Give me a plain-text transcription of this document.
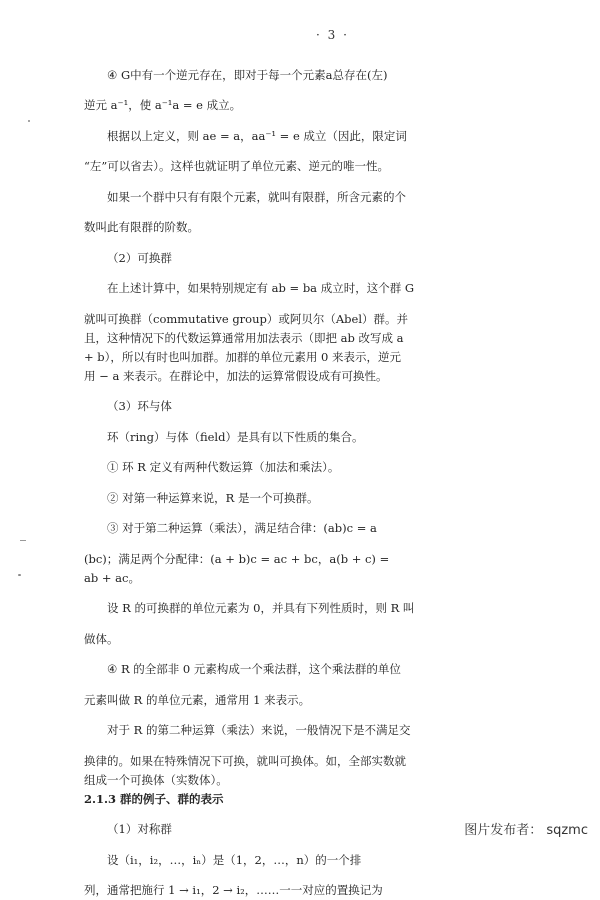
· 3 ·

④ G中有一个逆元存在，即对于每一个元素a总存在(左)

逆元 a⁻¹，使 a⁻¹a = e 成立。

根据以上定义，则 ae = a，aa⁻¹ = e 成立（因此，限定词

“左”可以省去）。这样也就证明了单位元素、逆元的唯一性。

如果一个群中只有有限个元素，就叫有限群，所含元素的个

数叫此有限群的阶数。

（2）可换群

在上述计算中，如果特别规定有 ab = ba 成立时，这个群 G

就叫可换群（commutative group）或阿贝尔（Abel）群。并

且，这种情况下的代数运算通常用加法表示（即把 ab 改写成 a

+ b），所以有时也叫加群。加群的单位元素用 0 来表示，逆元

用 − a 来表示。在群论中，加法的运算常假设成有可换性。

（3）环与体

环（ring）与体（field）是具有以下性质的集合。

① 环 R 定义有两种代数运算（加法和乘法）。

② 对第一种运算来说，R 是一个可换群。

③ 对于第二种运算（乘法），满足结合律：(ab)c = a

(bc)；满足两个分配律：(a + b)c = ac + bc，a(b + c) =

ab + ac。

设 R 的可换群的单位元素为 0，并具有下列性质时，则 R 叫

做体。

④ R 的全部非 0 元素构成一个乘法群，这个乘法群的单位

元素叫做 R 的单位元素，通常用 1 来表示。

对于 R 的第二种运算（乘法）来说，一般情况下是不满足交

换律的。如果在特殊情况下可换，就叫可换体。如，全部实数就

组成一个可换体（实数体）。

2.1.3 群的例子、群的表示

（1）对称群

设（i₁，i₂，…，iₙ）是（1，2，…，n）的一个排

列，通常把施行 1 → i₁，2 → i₂，……一一对应的置换记为

图片发布者： sqzmc
